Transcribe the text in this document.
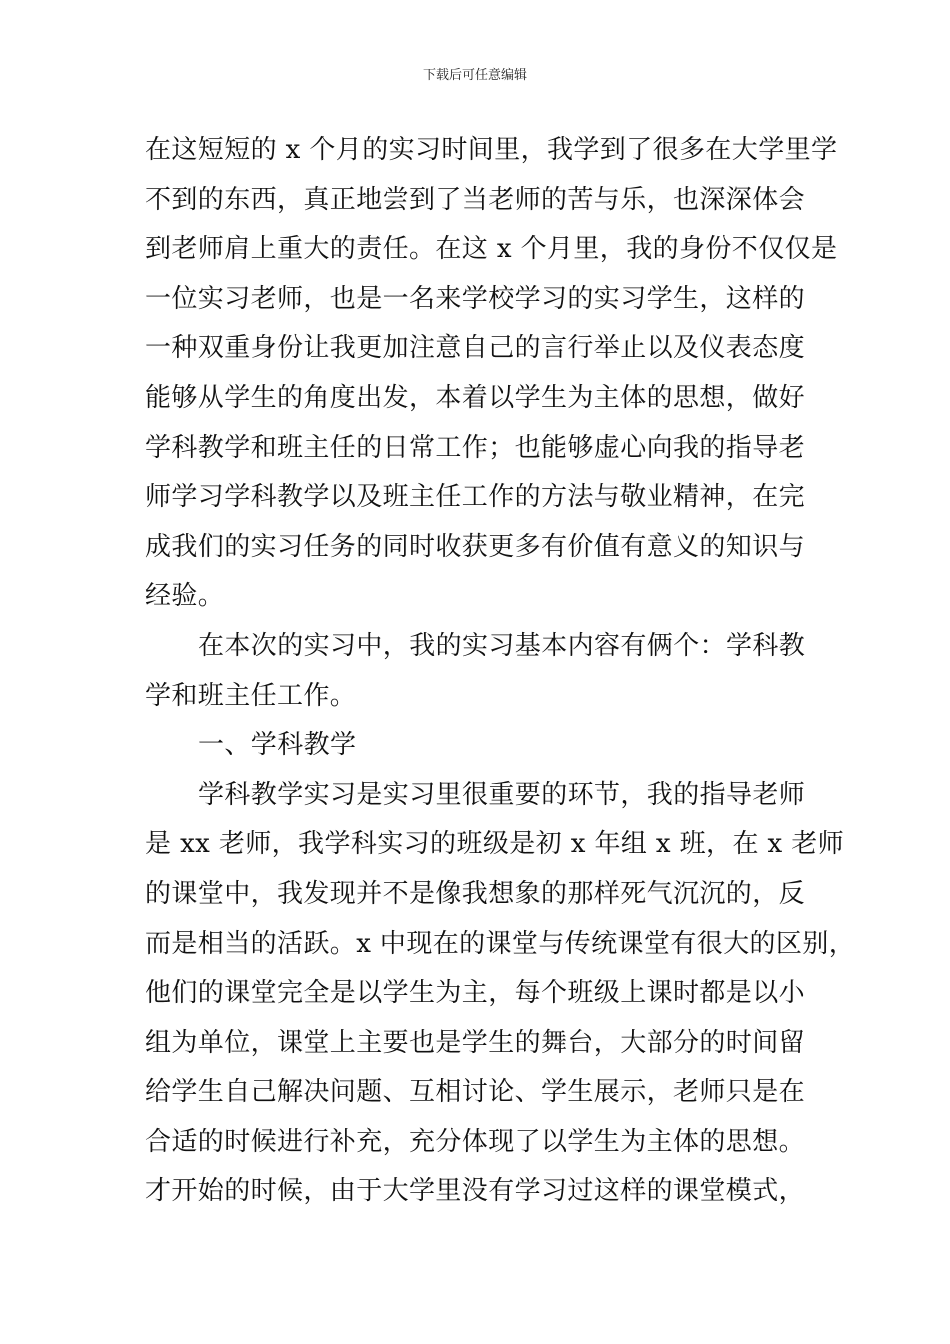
下载后可任意编辑
在这短短的 x 个月的实习时间里，我学到了很多在大学里学
不到的东西，真正地尝到了当老师的苦与乐，也深深体会
到老师肩上重大的责任。在这 x 个月里，我的身份不仅仅是
一位实习老师，也是一名来学校学习的实习学生，这样的
一种双重身份让我更加注意自己的言行举止以及仪表态度
能够从学生的角度出发，本着以学生为主体的思想，做好
学科教学和班主任的日常工作；也能够虚心向我的指导老
师学习学科教学以及班主任工作的方法与敬业精神，在完
成我们的实习任务的同时收获更多有价值有意义的知识与
经验。
在本次的实习中，我的实习基本内容有俩个：学科教
学和班主任工作。
一、学科教学
学科教学实习是实习里很重要的环节，我的指导老师
是 xx 老师，我学科实习的班级是初 x 年组 x 班，在 x 老师
的课堂中，我发现并不是像我想象的那样死气沉沉的，反
而是相当的活跃。x 中现在的课堂与传统课堂有很大的区别，
他们的课堂完全是以学生为主，每个班级上课时都是以小
组为单位，课堂上主要也是学生的舞台，大部分的时间留
给学生自己解决问题、互相讨论、学生展示，老师只是在
合适的时候进行补充，充分体现了以学生为主体的思想。
才开始的时候，由于大学里没有学习过这样的课堂模式，
